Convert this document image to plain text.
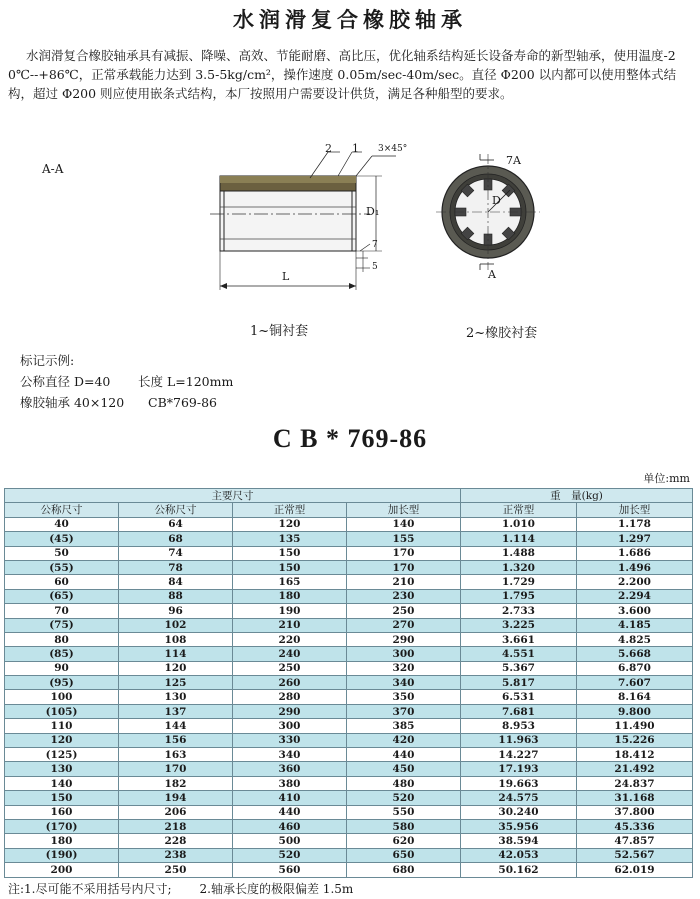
水润滑复合橡胶轴承
水润滑复合橡胶轴承具有减振、降噪、高效、节能耐磨、高比压，优化轴系结构延长设备寿命的新型轴承，使用温度-20℃--+86℃，正常承载能力达到 3.5-5kg/cm²，操作速度 0.05m/sec-40m/sec。直径 Φ200 以内都可以使用整体式结构，超过 Φ200 则应使用嵌条式结构，本厂按照用户需要设计供货，满足各种船型的要求。
A-A
2 1 3×45°
D₁
L
7
5
7A
D
A
1~铜衬套	2~橡胶衬套
标记示例:
公称直径 D=40 长度 L=120mm
橡胶轴承 40×120 CB*769-86
C B * 769-86
单位:mm
主要尺寸				重　量(kg)	
公称尺寸	公称尺寸	正常型	加长型	正常型	加长型
40	64	120	140	1.010	1.178
(45)	68	135	155	1.114	1.297
50	74	150	170	1.488	1.686
(55)	78	150	170	1.320	1.496
60	84	165	210	1.729	2.200
(65)	88	180	230	1.795	2.294
70	96	190	250	2.733	3.600
(75)	102	210	270	3.225	4.185
80	108	220	290	3.661	4.825
(85)	114	240	300	4.551	5.668
90	120	250	320	5.367	6.870
(95)	125	260	340	5.817	7.607
100	130	280	350	6.531	8.164
(105)	137	290	370	7.681	9.800
110	144	300	385	8.953	11.490
120	156	330	420	11.963	15.226
(125)	163	340	440	14.227	18.412
130	170	360	450	17.193	21.492
140	182	380	480	19.663	24.837
150	194	410	520	24.575	31.168
160	206	440	550	30.240	37.800
(170)	218	460	580	35.956	45.336
180	228	500	620	38.594	47.857
(190)	238	520	650	42.053	52.567
200	250	560	680	50.162	62.019
注:1.尽可能不采用括号内尺寸; 2.轴承长度的极限偏差 1.5m
